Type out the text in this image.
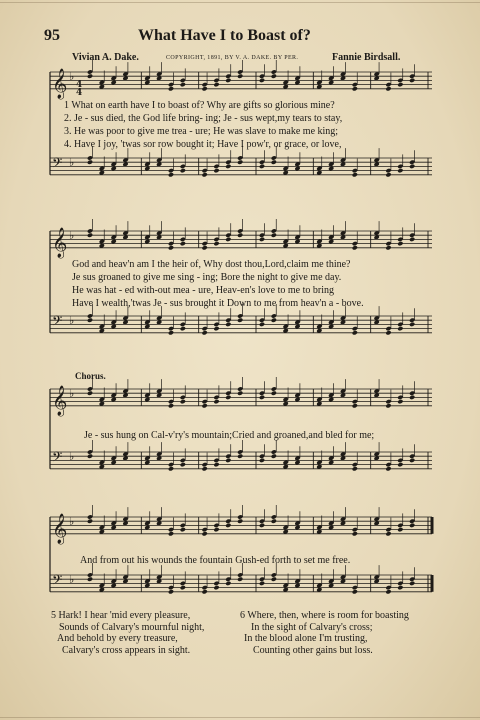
95	What Have I to Boast of?
Vivian A. Dake.	COPYRIGHT, 1891, BY V. A. DAKE. BY PER.	Fannie Birdsall.
𝄞 ♭
𝄢 ♭
𝄞 ♭
𝄢 ♭
𝄞 ♭
𝄢 ♭
𝄞 ♭
𝄢 ♭
4
4
1 What on earth have I to boast of? Why are gifts so glorious mine?
2. Je - sus died, the God life bring- ing; Je - sus wept,my tears to stay,
3. He was poor to give me trea - ure; He was slave to make me king;
4. Have I joy, 'twas sor row bought it; Have I pow'r, or grace, or love,
God and heav'n am I the heir of, Why dost thou,Lord,claim me thine?
Je sus groaned to give me sing - ing; Bore the night to give me day.
He was hat - ed with-out mea - ure, Heav-en's love to me to bring
Have I wealth,'twas Je - sus brought it Down to me from heav'n a - bove.
Chorus.
Je - sus hung on Cal-v'ry's mountain;Cried and groaned,and bled for me;
And from out his wounds the fountain Gush-ed forth to set me free.
5 Hark! I hear 'mid every pleasure,
Sounds of Calvary's mournful night,
And behold by every treasure,
Calvary's cross appears in sight.
6 Where, then, where is room for boasting
In the sight of Calvary's cross;
In the blood alone I'm trusting,
Counting other gains but loss.
